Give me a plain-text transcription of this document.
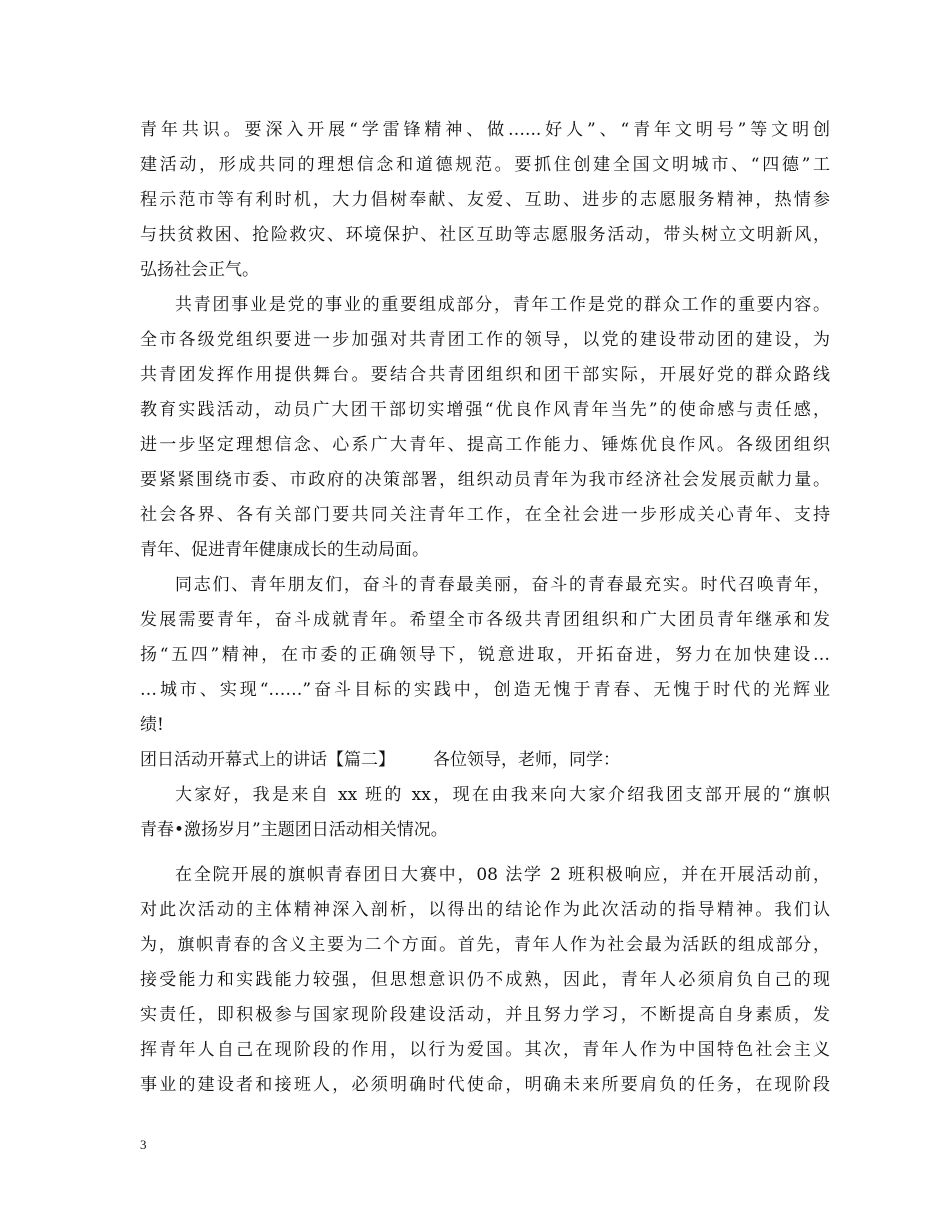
青年共识。要深入开展“学雷锋精神、做…...好人”、“青年文明号”等文明创
建活动，形成共同的理想信念和道德规范。要抓住创建全国文明城市、“四德”工
程示范市等有利时机，大力倡树奉献、友爱、互助、进步的志愿服务精神，热情参
与扶贫救困、抢险救灾、环境保护、社区互助等志愿服务活动，带头树立文明新风，
弘扬社会正气。
共青团事业是党的事业的重要组成部分，青年工作是党的群众工作的重要内容。
全市各级党组织要进一步加强对共青团工作的领导，以党的建设带动团的建设，为
共青团发挥作用提供舞台。要结合共青团组织和团干部实际，开展好党的群众路线
教育实践活动，动员广大团干部切实增强“优良作风青年当先”的使命感与责任感，
进一步坚定理想信念、心系广大青年、提高工作能力、锤炼优良作风。各级团组织
要紧紧围绕市委、市政府的决策部署，组织动员青年为我市经济社会发展贡献力量。
社会各界、各有关部门要共同关注青年工作，在全社会进一步形成关心青年、支持
青年、促进青年健康成长的生动局面。
同志们、青年朋友们，奋斗的青春最美丽，奋斗的青春最充实。时代召唤青年，
发展需要青年，奋斗成就青年。希望全市各级共青团组织和广大团员青年继承和发
扬“五四”精神，在市委的正确领导下，锐意进取，开拓奋进，努力在加快建设…
…城市、实现“……”奋斗目标的实践中，创造无愧于青春、无愧于时代的光辉业
绩!
团日活动开幕式上的讲话【篇二】 各位领导，老师，同学：
大家好，我是来自 xx 班的 xx，现在由我来向大家介绍我团支部开展的“旗帜
青春•激扬岁月”主题团日活动相关情况。
在全院开展的旗帜青春团日大赛中，08 法学 2 班积极响应，并在开展活动前，
对此次活动的主体精神深入剖析，以得出的结论作为此次活动的指导精神。我们认
为，旗帜青春的含义主要为二个方面。首先，青年人作为社会最为活跃的组成部分，
接受能力和实践能力较强，但思想意识仍不成熟，因此，青年人必须肩负自己的现
实责任，即积极参与国家现阶段建设活动，并且努力学习，不断提高自身素质，发
挥青年人自己在现阶段的作用，以行为爱国。其次，青年人作为中国特色社会主义
事业的建设者和接班人，必须明确时代使命，明确未来所要肩负的任务，在现阶段
3
